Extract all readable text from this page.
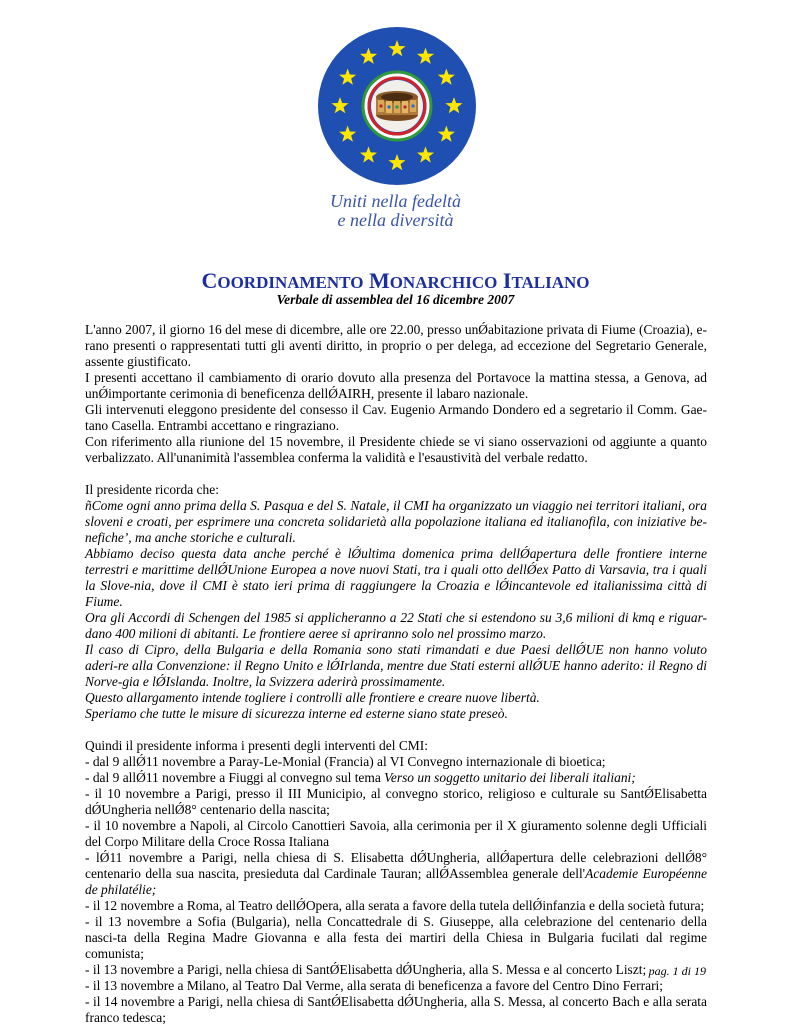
Uniti nella fedeltà
e nella diversità
COORDINAMENTO MONARCHICO ITALIANO
Verbale di assemblea del 16 dicembre 2007

L'anno 2007, il giorno 16 del mese di dicembre, alle ore 22.00, presso unǾabitazione privata di Fiume (Croazia), e-rano presenti o rappresentati tutti gli aventi diritto, in proprio o per delega, ad eccezione del Segretario Generale, assente giustificato.

I presenti accettano il cambiamento di orario dovuto alla presenza del Portavoce la mattina stessa, a Genova, ad unǾimportante cerimonia di beneficenza dellǾAIRH, presente il labaro nazionale.

Gli intervenuti eleggono presidente del consesso il Cav. Eugenio Armando Dondero ed a segretario il Comm. Gae-tano Casella. Entrambi accettano e ringraziano.

Con riferimento alla riunione del 15 novembre, il Presidente chiede se vi siano osservazioni od aggiunte a quanto verbalizzato. All'unanimità l'assemblea conferma la validità e l'esaustività del verbale redatto.

Il presidente ricorda che:

ñCome ogni anno prima della S. Pasqua e del S. Natale, il CMI ha organizzato un viaggio nei territori italiani, ora sloveni e croati, per esprimere una concreta solidarietà alla popolazione italiana ed italianofila, con iniziative be-neficheʼ, ma anche storiche e culturali.

Abbiamo deciso questa data anche perché è lǾultima domenica prima dellǾapertura delle frontiere interne terrestri e marittime dellǾUnione Europea a nove nuovi Stati, tra i quali otto dellǾex Patto di Varsavia, tra i quali la Slove-nia, dove il CMI è stato ieri prima di raggiungere la Croazia e lǾincantevole ed italianissima città di Fiume.

Ora gli Accordi di Schengen del 1985 si applicheranno a 22 Stati che si estendono su 3,6 milioni di kmq e riguar-dano 400 milioni di abitanti. Le frontiere aeree si apriranno solo nel prossimo marzo.

Il caso di Cipro, della Bulgaria e della Romania sono stati rimandati e due Paesi dellǾUE non hanno voluto aderi-re alla Convenzione: il Regno Unito e lǾIrlanda, mentre due Stati esterni allǾUE hanno aderito: il Regno di Norve-gia e lǾIslanda. Inoltre, la Svizzera aderirà prossimamente.

Questo allargamento intende togliere i controlli alle frontiere e creare nuove libertà.

Speriamo che tutte le misure di sicurezza interne ed esterne siano state preseò.

Quindi il presidente informa i presenti degli interventi del CMI:

- dal 9 allǾ11 novembre a Paray-Le-Monial (Francia) al VI Convegno internazionale di bioetica;

- dal 9 allǾ11 novembre a Fiuggi al convegno sul tema Verso un soggetto unitario dei liberali italiani;

- il 10 novembre a Parigi, presso il III Municipio, al convegno storico, religioso e culturale su SantǾElisabetta dǾUngheria nellǾ8° centenario della nascita;

- il 10 novembre a Napoli, al Circolo Canottieri Savoia, alla cerimonia per il X giuramento solenne degli Ufficiali del Corpo Militare della Croce Rossa Italiana

- lǾ11 novembre a Parigi, nella chiesa di S. Elisabetta dǾUngheria, allǾapertura delle celebrazioni dellǾ8° centenario della sua nascita, presieduta dal Cardinale Tauran; allǾAssemblea generale dell'Academie Européenne de philatélie;

- il 12 novembre a Roma, al Teatro dellǾOpera, alla serata a favore della tutela dellǾinfanzia e della società futura;

- il 13 novembre a Sofia (Bulgaria), nella Concattedrale di S. Giuseppe, alla celebrazione del centenario della nasci-ta della Regina Madre Giovanna e alla festa dei martiri della Chiesa in Bulgaria fucilati dal regime comunista;

- il 13 novembre a Parigi, nella chiesa di SantǾElisabetta dǾUngheria, alla S. Messa e al concerto Liszt;

- il 13 novembre a Milano, al Teatro Dal Verme, alla serata di beneficenza a favore del Centro Dino Ferrari;

- il 14 novembre a Parigi, nella chiesa di SantǾElisabetta dǾUngheria, alla S. Messa, al concerto Bach e alla serata franco tedesca;

pag. 1 di 19
